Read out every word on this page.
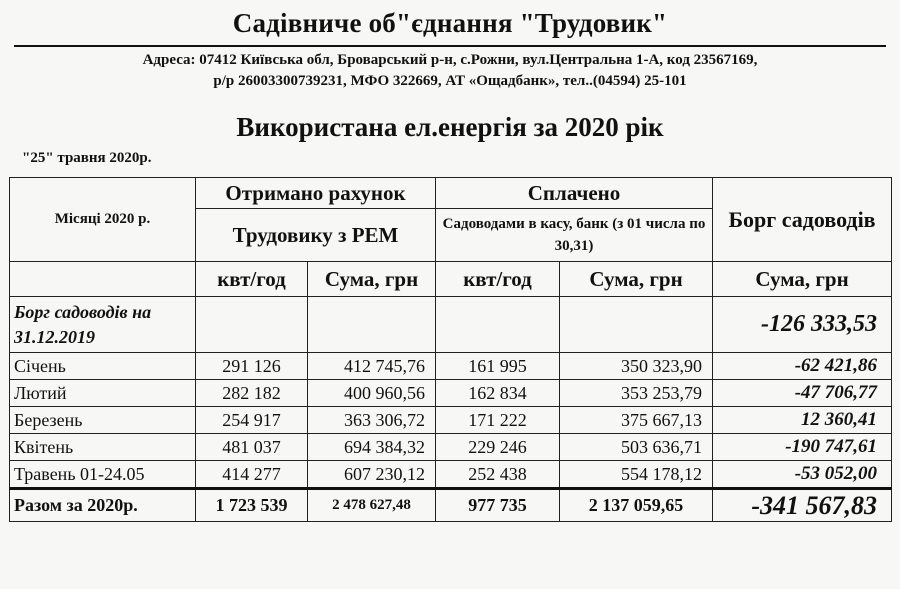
Садівниче об"єднання "Трудовик"
Адреса: 07412 Київська обл, Броварський р-н, с.Рожни, вул.Центральна 1-А, код 23567169,
р/р 26003300739231, МФО 322669, АТ «Ощадбанк», тел..(04594) 25-101
Використана ел.енергія за 2020 рік
"25" травня 2020р.
Місяці 2020 р.	Отримано рахунок		Сплачено		Борг садоводів
	Трудовику з РЕМ		Садоводами в касу, банк (з 01 числа по 30,31)		

	квт/год	Сума, грн	квт/год	Сума, грн	Сума, грн
Борг садоводів на 31.12.2019					-126 333,53
Січень	291 126	412 745,76	161 995	350 323,90	-62 421,86
Лютий	282 182	400 960,56	162 834	353 253,79	-47 706,77
Березень	254 917	363 306,72	171 222	375 667,13	12 360,41
Квітень	481 037	694 384,32	229 246	503 636,71	-190 747,61
Травень 01-24.05	414 277	607 230,12	252 438	554 178,12	-53 052,00
Разом за 2020р.	1 723 539	2 478 627,48	977 735	2 137 059,65	-341 567,83
